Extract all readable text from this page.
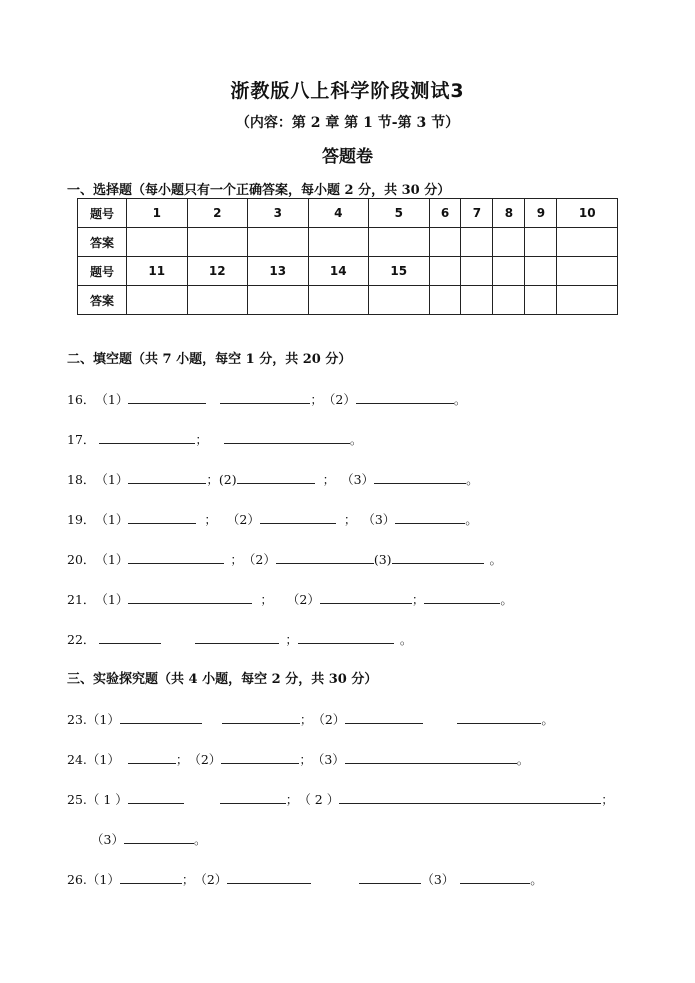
浙教版八上科学阶段测试3
（内容：第 2 章 第 1 节-第 3 节）
答题卷
一、选择题（每小题只有一个正确答案，每小题 2 分，共 30 分）
题号	1	2	3	4	5	6	7	8	9	10
答案										
题号	11	12	13	14	15					
答案										
二、填空题（共 7 小题，每空 1 分，共 20 分）
16．（1）	；（2）	。
17．	；	。
18．（1）	；(2)	； （3）	。
19．（1）	； （2）	； （3）	。
20．（1）	；（2）	(3)	。
21．（1）	； （2）	；	。
22．	；	。
三、实验探究题（共 4 小题，每空 2 分，共 30 分）
23.（1）	；（2）	。
24.（1）	；（2）	；（3）	。
25.（ 1 ）	；（ 2 ）	；
（3）	。
26.（1）	；（2）	（3）	。
